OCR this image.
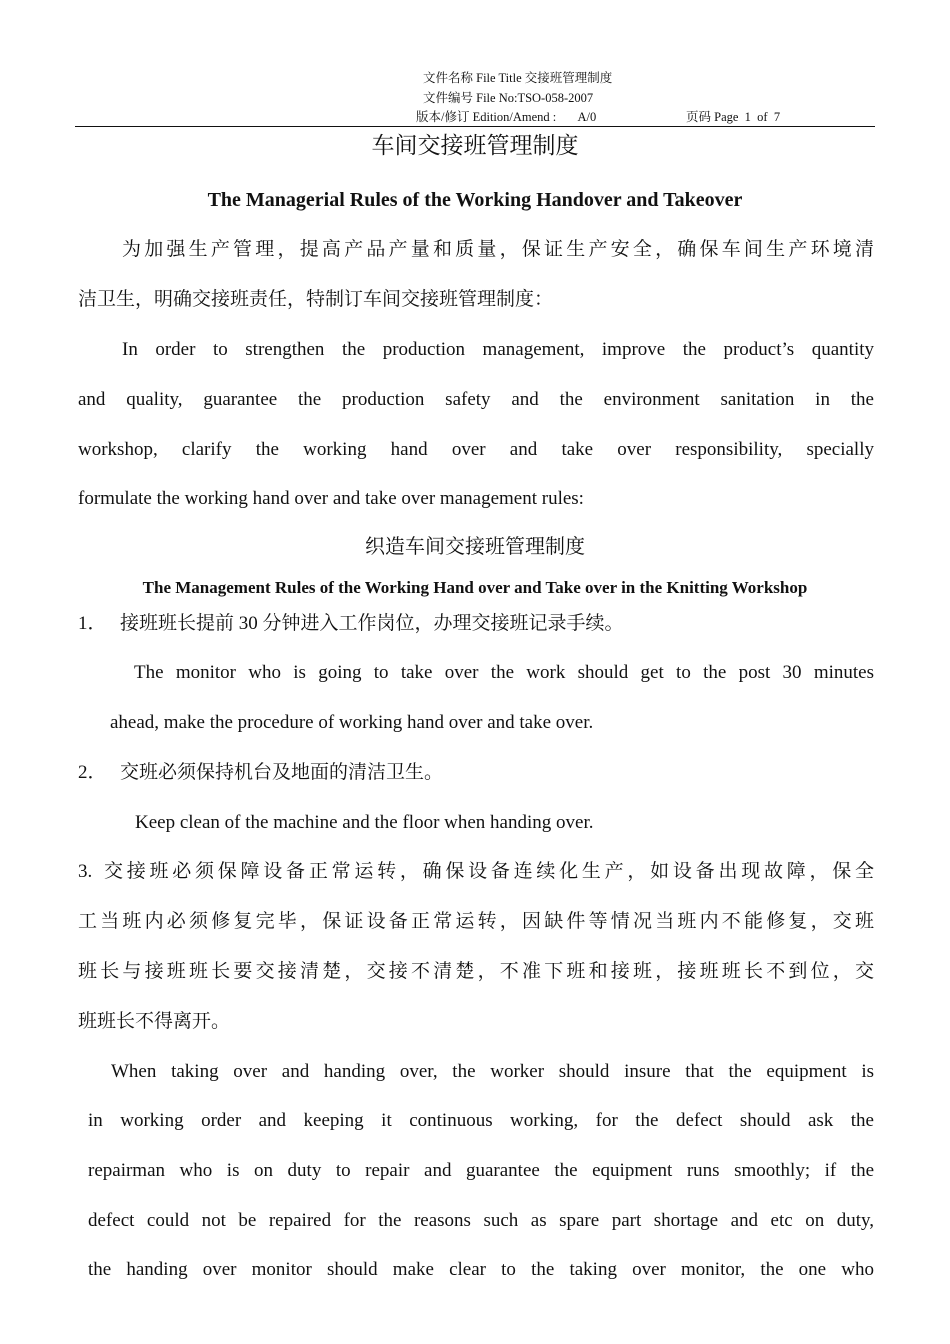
文件名称 File Title 交接班管理制度
文件编号 File No:TSO-058-2007
版本/修订 Edition/Amend :       A/0	页码 Page  1  of  7
车间交接班管理制度
The Managerial Rules of the Working Handover and Takeover
为加强生产管理，提高产品产量和质量，保证生产安全，确保车间生产环境清
洁卫生，明确交接班责任，特制订车间交接班管理制度：
In order to strengthen the production management, improve the product’s quantity
and quality, guarantee the production safety and the environment sanitation in the
workshop, clarify the working hand over and take over responsibility, specially
formulate the working hand over and take over management rules:
织造车间交接班管理制度
The Management Rules of the Working Hand over and Take over in the Knitting Workshop
1． 接班班长提前 30 分钟进入工作岗位，办理交接班记录手续。
The monitor who is going to take over the work should get to the post 30 minutes
ahead, make the procedure of working hand over and take over.
2． 交班必须保持机台及地面的清洁卫生。
Keep clean of the machine and the floor when handing over.
3. 交接班必须保障设备正常运转，确保设备连续化生产，如设备出现故障，保全
工当班内必须修复完毕，保证设备正常运转，因缺件等情况当班内不能修复，交班
班长与接班班长要交接清楚，交接不清楚，不准下班和接班，接班班长不到位，交
班班长不得离开。
When taking over and handing over, the worker should insure that the equipment is
in working order and keeping it continuous working, for the defect should ask the
repairman who is on duty to repair and guarantee the equipment runs smoothly; if the
defect could not be repaired for the reasons such as spare part shortage and etc on duty,
the handing over monitor should make clear to the taking over monitor, the one who
